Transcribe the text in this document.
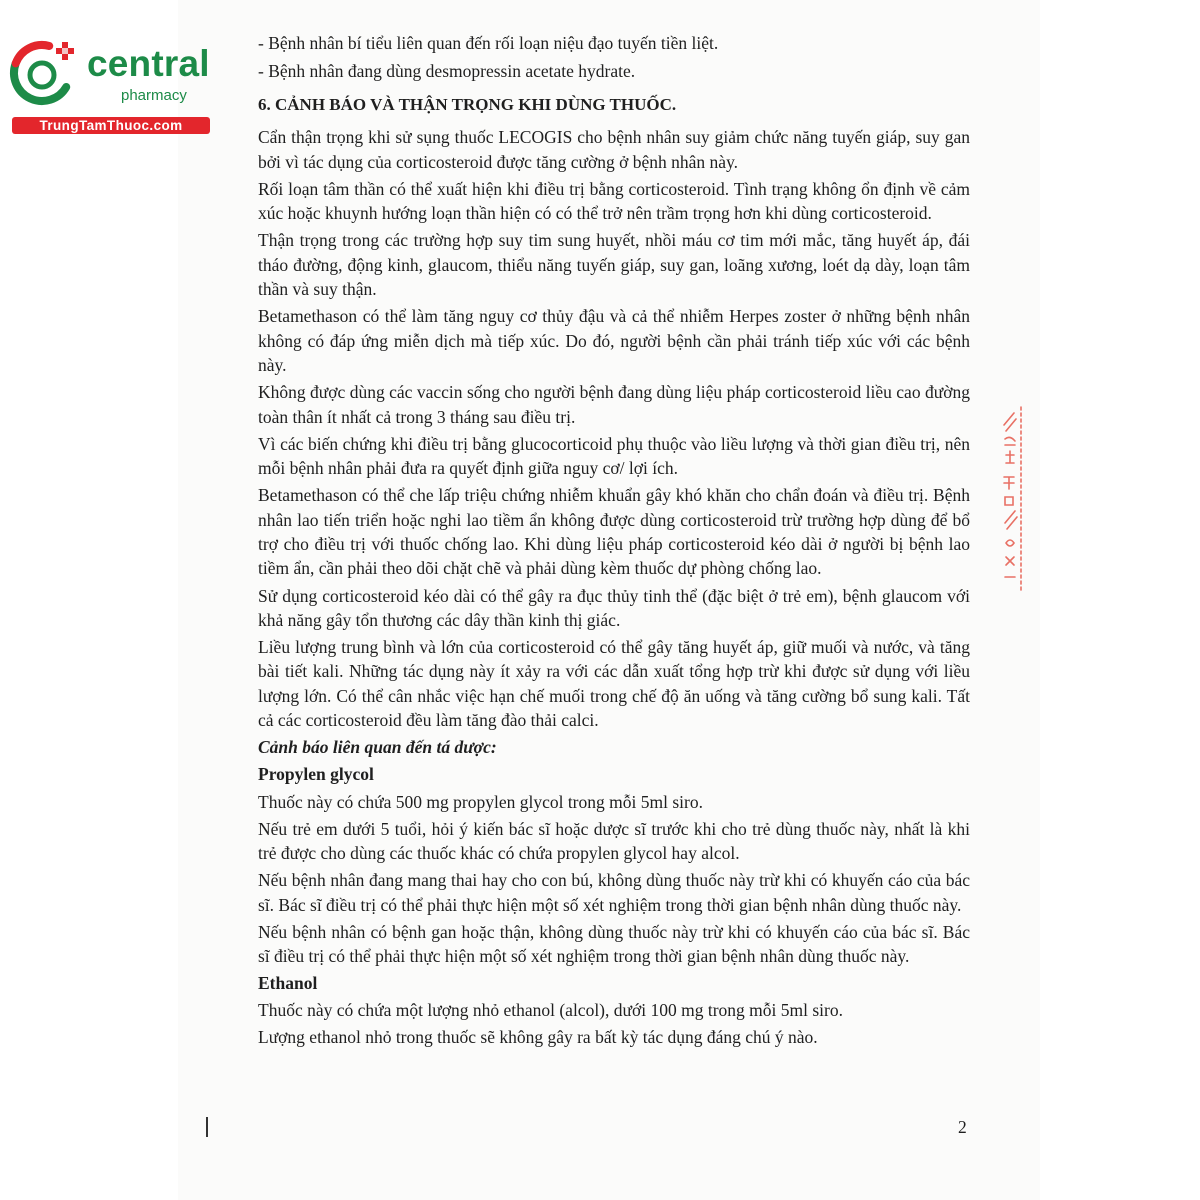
central
pharmacy
TrungTamThuoc.com
- Bệnh nhân bí tiểu liên quan đến rối loạn niệu đạo tuyến tiền liệt.
- Bệnh nhân đang dùng desmopressin acetate hydrate.
6. CẢNH BÁO VÀ THẬN TRỌNG KHI DÙNG THUỐC.
Cẩn thận trọng khi sử sụng thuốc LECOGIS cho bệnh nhân suy giảm chức năng tuyến giáp, suy gan bởi vì tác dụng của corticosteroid được tăng cường ở bệnh nhân này.
Rối loạn tâm thần có thể xuất hiện khi điều trị bằng corticosteroid. Tình trạng không ổn định về cảm xúc hoặc khuynh hướng loạn thần hiện có có thể trở nên trầm trọng hơn khi dùng corticosteroid.
Thận trọng trong các trường hợp suy tim sung huyết, nhồi máu cơ tim mới mắc, tăng huyết áp, đái tháo đường, động kinh, glaucom, thiểu năng tuyến giáp, suy gan, loãng xương, loét dạ dày, loạn tâm thần và suy thận.
Betamethason có thể làm tăng nguy cơ thủy đậu và cả thể nhiễm Herpes zoster ở những bệnh nhân không có đáp ứng miễn dịch mà tiếp xúc. Do đó, người bệnh cần phải tránh tiếp xúc với các bệnh này.
Không được dùng các vaccin sống cho người bệnh đang dùng liệu pháp corticosteroid liều cao đường toàn thân ít nhất cả trong 3 tháng sau điều trị.
Vì các biến chứng khi điều trị bằng glucocorticoid phụ thuộc vào liều lượng và thời gian điều trị, nên mỗi bệnh nhân phải đưa ra quyết định giữa nguy cơ/ lợi ích.
Betamethason có thể che lấp triệu chứng nhiễm khuẩn gây khó khăn cho chẩn đoán và điều trị. Bệnh nhân lao tiến triển hoặc nghi lao tiềm ẩn không được dùng corticosteroid trừ trường hợp dùng để bổ trợ cho điều trị với thuốc chống lao. Khi dùng liệu pháp corticosteroid kéo dài ở người bị bệnh lao tiềm ẩn, cần phải theo dõi chặt chẽ và phải dùng kèm thuốc dự phòng chống lao.
Sử dụng corticosteroid kéo dài có thể gây ra đục thủy tinh thể (đặc biệt ở trẻ em), bệnh glaucom với khả năng gây tổn thương các dây thần kinh thị giác.
Liều lượng trung bình và lớn của corticosteroid có thể gây tăng huyết áp, giữ muối và nước, và tăng bài tiết kali. Những tác dụng này ít xảy ra với các dẫn xuất tổng hợp trừ khi được sử dụng với liều lượng lớn. Có thể cân nhắc việc hạn chế muối trong chế độ ăn uống và tăng cường bổ sung kali. Tất cả các corticosteroid đều làm tăng đào thải calci.
Cảnh báo liên quan đến tá dược:
Propylen glycol
Thuốc này có chứa 500 mg propylen glycol trong mỗi 5ml siro.
Nếu trẻ em dưới 5 tuổi, hỏi ý kiến bác sĩ hoặc dược sĩ trước khi cho trẻ dùng thuốc này, nhất là khi trẻ được cho dùng các thuốc khác có chứa propylen glycol hay alcol.
Nếu bệnh nhân đang mang thai hay cho con bú, không dùng thuốc này trừ khi có khuyến cáo của bác sĩ. Bác sĩ điều trị có thể phải thực hiện một số xét nghiệm trong thời gian bệnh nhân dùng thuốc này.
Nếu bệnh nhân có bệnh gan hoặc thận, không dùng thuốc này trừ khi có khuyến cáo của bác sĩ. Bác sĩ điều trị có thể phải thực hiện một số xét nghiệm trong thời gian bệnh nhân dùng thuốc này.
Ethanol
Thuốc này có chứa một lượng nhỏ ethanol (alcol), dưới 100 mg trong mỗi 5ml siro.
Lượng ethanol nhỏ trong thuốc sẽ không gây ra bất kỳ tác dụng đáng chú ý nào.
2
